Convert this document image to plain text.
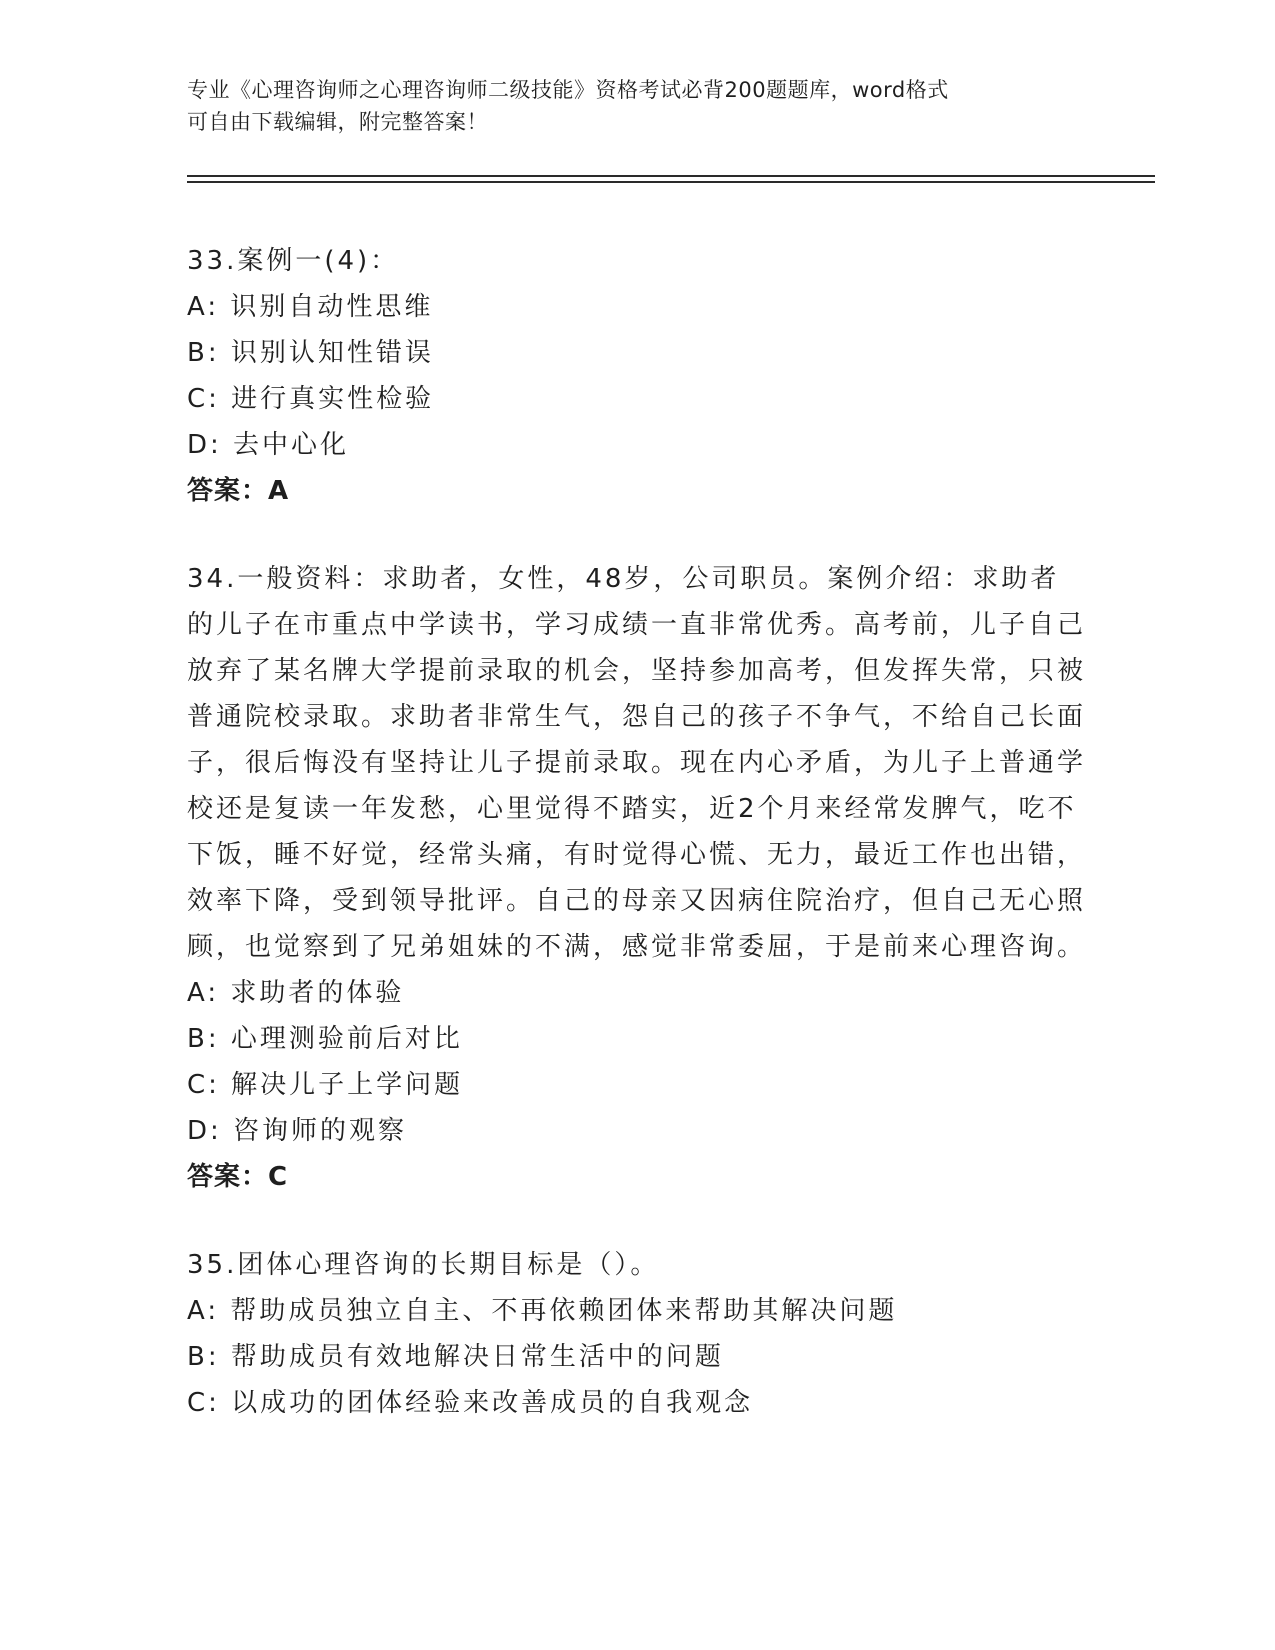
专业《心理咨询师之心理咨询师二级技能》资格考试必背200题题库，word格式
可自由下载编辑，附完整答案！

33.案例一(4)：

A: 识别自动性思维

B: 识别认知性错误

C: 进行真实性检验

D: 去中心化

答案：A

34.一般资料：求助者，女性，48岁，公司职员。案例介绍：求助者的儿子在市重点中学读书，学习成绩一直非常优秀。高考前，儿子自己放弃了某名牌大学提前录取的机会，坚持参加高考，但发挥失常，只被普通院校录取。求助者非常生气，怨自己的孩子不争气，不给自己长面子，很后悔没有坚持让儿子提前录取。现在内心矛盾，为儿子上普通学校还是复读一年发愁，心里觉得不踏实，近2个月来经常发脾气，吃不下饭，睡不好觉，经常头痛，有时觉得心慌、无力，最近工作也出错，效率下降，受到领导批评。自己的母亲又因病住院治疗，但自己无心照顾，也觉察到了兄弟姐妹的不满，感觉非常委屈，于是前来心理咨询。

A: 求助者的体验

B: 心理测验前后对比

C: 解决儿子上学问题

D: 咨询师的观察

答案：C

35.团体心理咨询的长期目标是（）。

A: 帮助成员独立自主、不再依赖团体来帮助其解决问题

B: 帮助成员有效地解决日常生活中的问题

C: 以成功的团体经验来改善成员的自我观念
